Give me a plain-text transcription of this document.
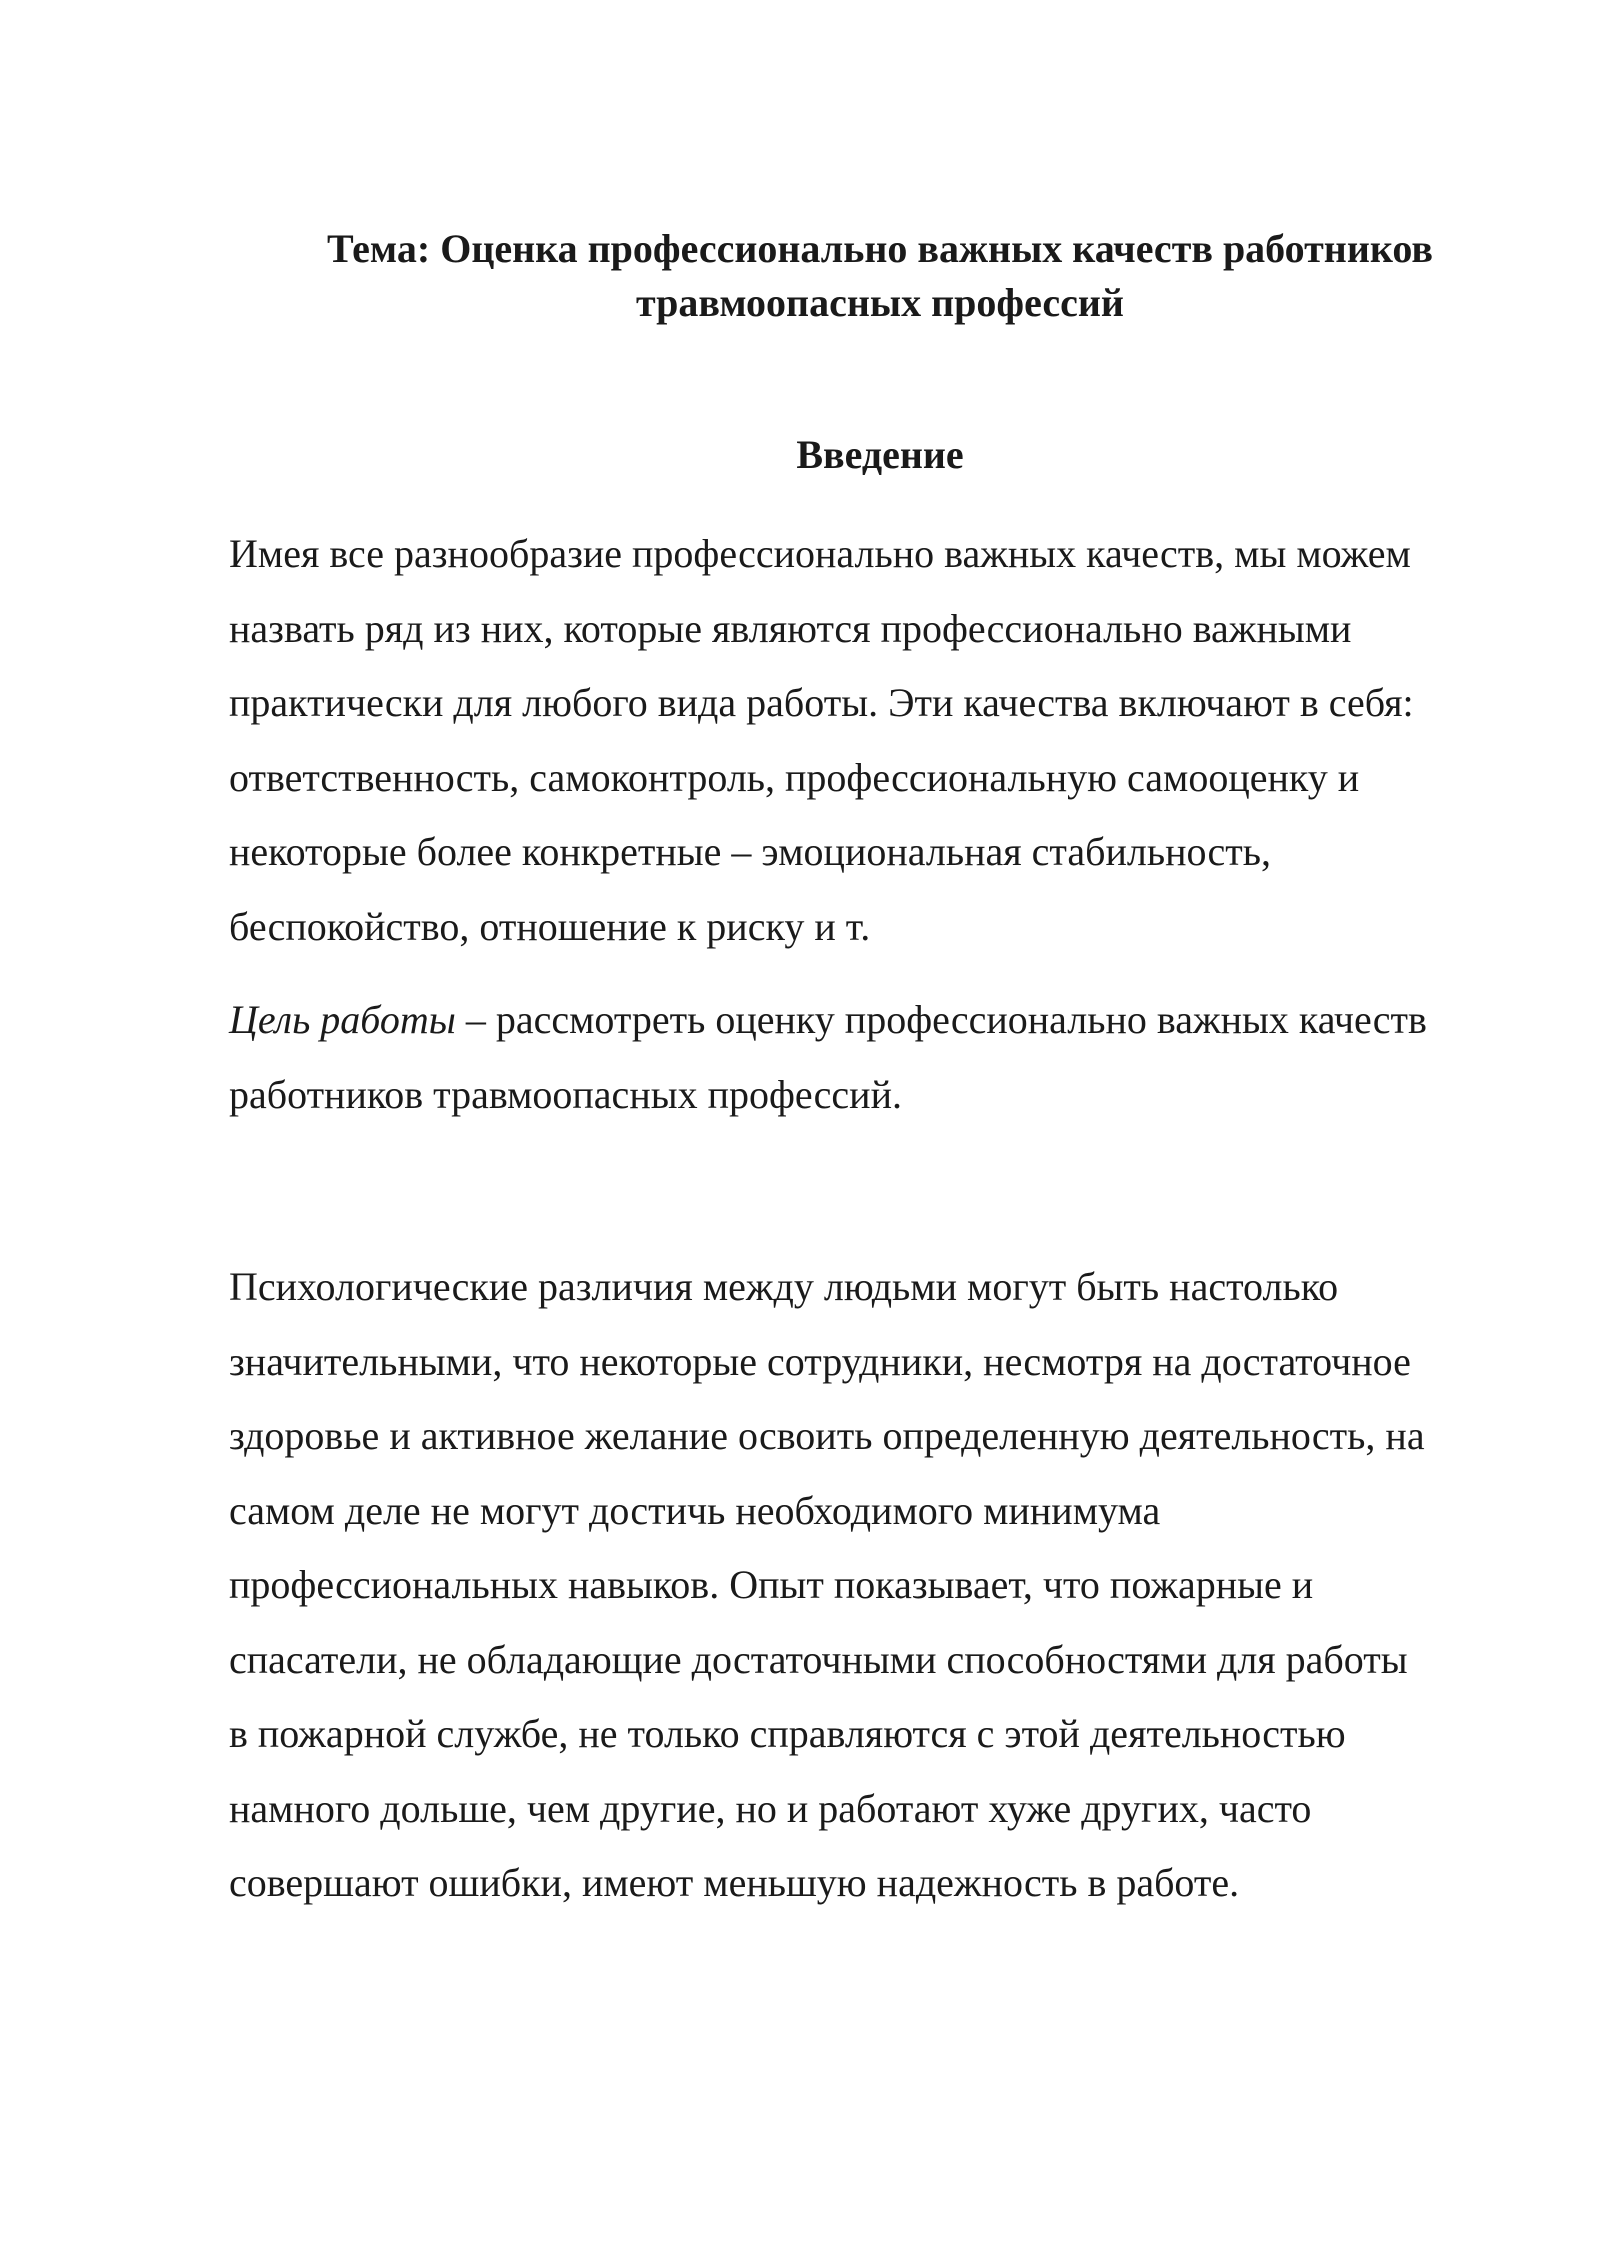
Тема: Оценка профессионально важных качеств работников
травмоопасных профессий
Введение

Имея все разнообразие профессионально важных качеств, мы можем
назвать ряд из них, которые являются профессионально важными
практически для любого вида работы. Эти качества включают в себя:
ответственность, самоконтроль, профессиональную самооценку и
некоторые более конкретные – эмоциональная стабильность,
беспокойство, отношение к риску и т.

Цель работы – рассмотреть оценку профессионально важных качеств
работников травмоопасных профессий.

Психологические различия между людьми могут быть настолько
значительными, что некоторые сотрудники, несмотря на достаточное
здоровье и активное желание освоить определенную деятельность, на
самом деле не могут достичь необходимого минимума
профессиональных навыков. Опыт показывает, что пожарные и
спасатели, не обладающие достаточными способностями для работы
в пожарной службе, не только справляются с этой деятельностью
намного дольше, чем другие, но и работают хуже других, часто
совершают ошибки, имеют меньшую надежность в работе.
